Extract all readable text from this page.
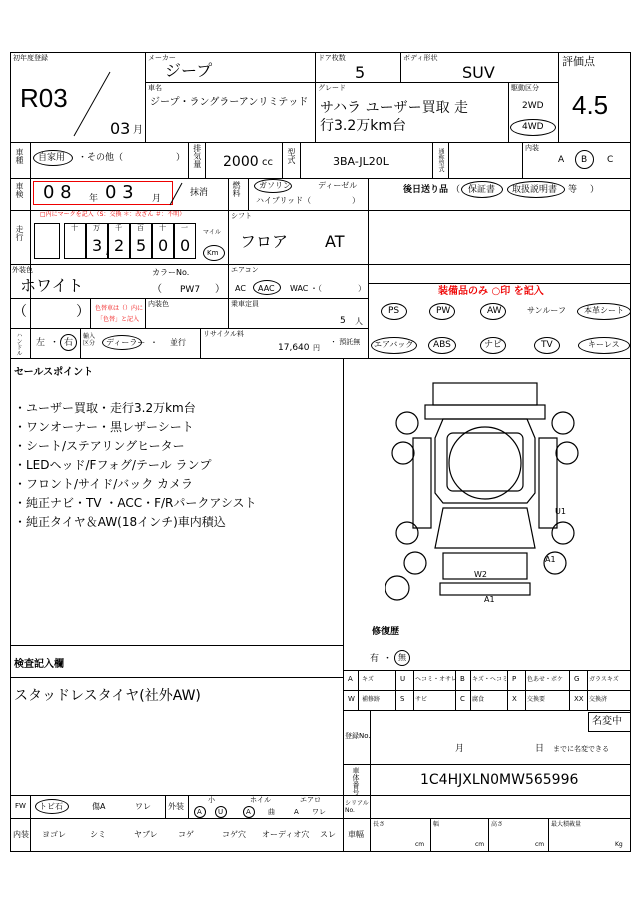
初年度登録
R03
03 月
メーカー
ジープ
車名
ジープ・ラングラーアンリミテッド
ドア枚数
5
ボディ形状
SUV
グレード
サハラ ユーザー買取 走
行3.2万km台
駆動区分
2WD
4WD
評価点
4.5
車種 自家用 ・その他（	） 排気量 2000 cc 型式	3BA-JL20L	通称型式	内装
A B C
車検 0 8 年 0 3 月
抹消	燃料 ガソリン	ディーゼル
ハイブリッド（	）
後日送り品 （ 保証書 取扱説明書 等 ）
走行
□内にマークを記入（S：交換 ＊：改ざん ＃：不明）
十 万
3
千
2
百
5
十
0
一
0
,
マイル
Km
シフト
フロア AT
外装色
ホワイト
カラーNo.
（ PW7 ）
エアコン
AC AAC WAC ・（	）	装備品のみ ○印 を記入
（	） 色替車は（）内に
「色替」と記入
内装色	乗車定員
5 人
PS	PW	AW	サンルーフ 本革シート
エアバッグ ABS	ナビ	TV	キーレス
ハンドル 左 ・ 右
輸入区分	ディーラー ・ 並行
リサイクル料
17,640 円
・ 預託無
セールスポイント
・ユーザー買取・走行3.2万km台
・ワンオーナー・黒レザーシート
・シート/ステアリングヒーター
・LEDヘッド/Fフォグ/テール ランプ
・フロント/サイド/バック カメラ
・純正ナビ・TV ・ACC・F/Rパークアシスト
・純正タイヤ＆AW(18インチ)車内積込
U1
A1
W2
A1
修復歴
有 ・ 無
検査記入欄
スタッドレスタイヤ(社外AW)
A キズ	U ヘコミ・オサレ B キズ・ヘコミ P 色あせ・ボケ G ガラスキズ
W 補修跡	S サビ	C 腐食	X 交換要	XX 交換済
登録No.
名変中
月	日 までに名変できる
車体番号	1C4HJXLN0MW565996
シリアルNo.
FW トビ石	傷A	ワレ 外装
小	ホイル	エアロ
A U	A 曲	A ワレ
内装 ヨゴレ	シミ	ヤブレ	コゲ	コゲ穴 オーディオ穴 スレ 車幅
長さ
cm
幅
cm
高さ
cm
最大積載量
Kg
